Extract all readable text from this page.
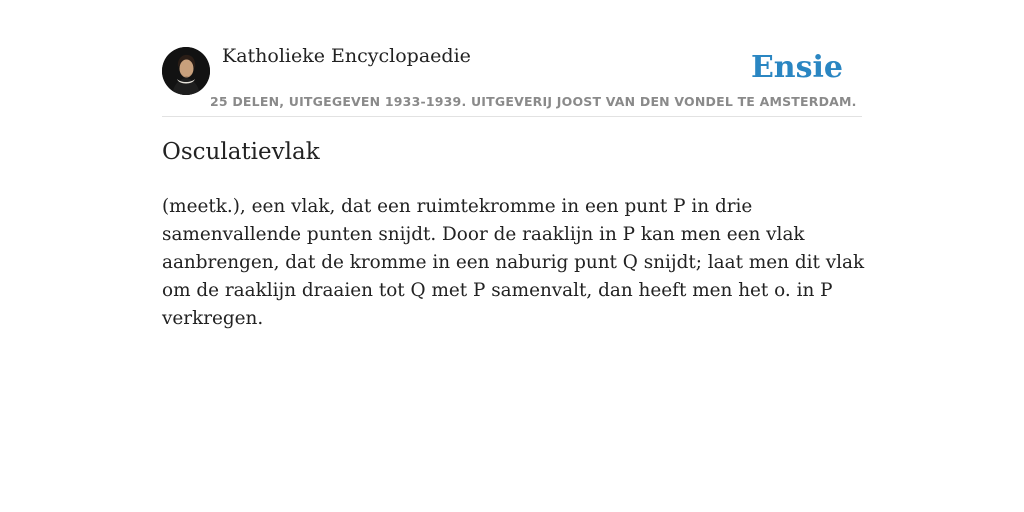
Katholieke Encyclopaedie
25 DELEN, UITGEGEVEN 1933-1939. UITGEVERIJ JOOST VAN DEN VONDEL TE AMSTERDAM.
Ensie
Osculatievlak

(meetk.), een vlak, dat een ruimtekromme in een punt P in drie samenvallende punten snijdt. Door de raaklijn in P kan men een vlak aanbrengen, dat de kromme in een naburig punt Q snijdt; laat men dit vlak om de raaklijn draaien tot Q met P samenvalt, dan heeft men het o. in P verkregen.
